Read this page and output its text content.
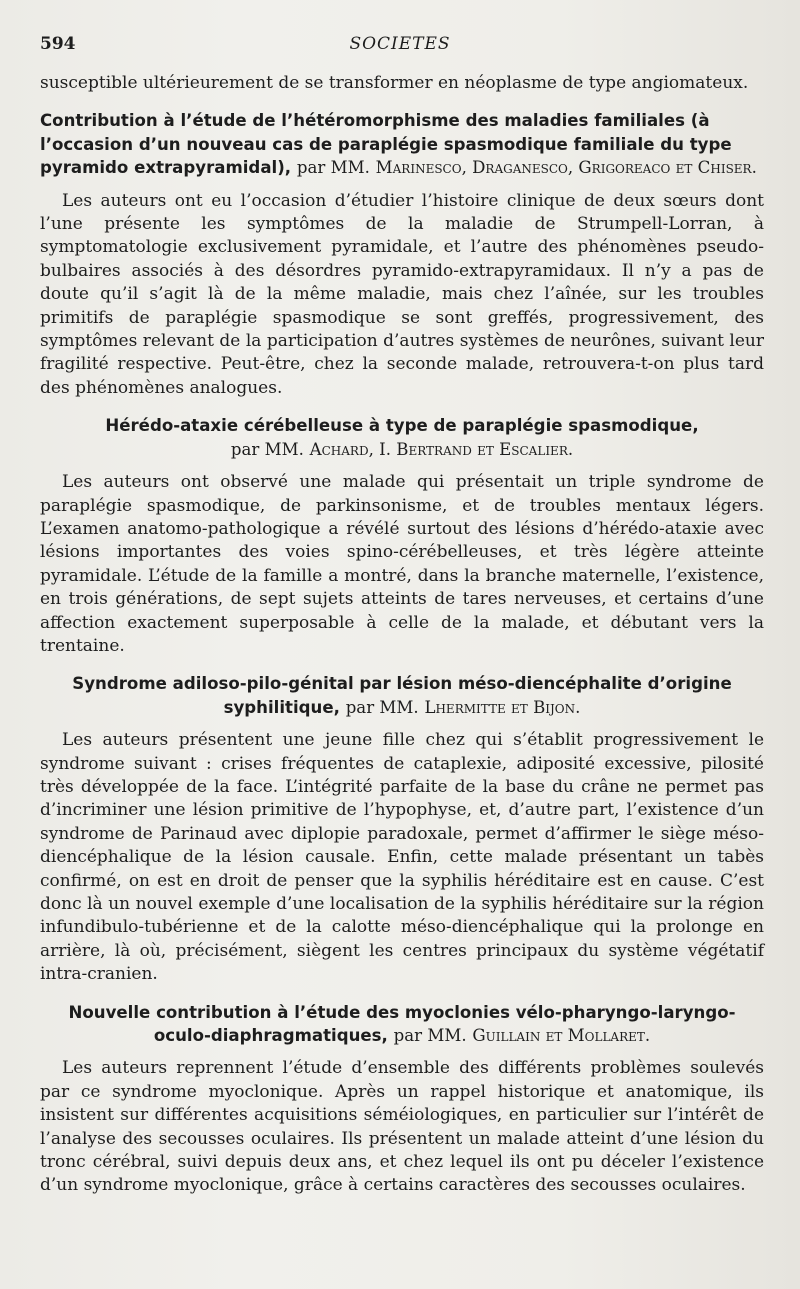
594	SOCIETES

susceptible ultérieurement de se transformer en néoplasme de type angiomateux.

Contribution à l’étude de l’hétéromorphisme des maladies familiales (à l’occasion d’un nouveau cas de paraplégie spasmodique familiale du type pyramido extrapyramidal), par MM. Marinesco, Draganesco, Grigoreaco et Chiser.

Les auteurs ont eu l’occasion d’étudier l’histoire clinique de deux sœurs dont l’une présente les symptômes de la maladie de Strumpell-Lorran, à symptomatologie exclusivement pyramidale, et l’autre des phénomènes pseudo-bulbaires associés à des désordres pyramido-extrapyramidaux. Il n’y a pas de doute qu’il s’agit là de la même maladie, mais chez l’aînée, sur les troubles primitifs de paraplégie spasmodique se sont greffés, progressivement, des symptômes relevant de la participation d’autres systèmes de neurônes, suivant leur fragilité respective. Peut-être, chez la seconde malade, retrouvera-t-on plus tard des phénomènes analogues.

Hérédo-ataxie cérébelleuse à type de paraplégie spasmodique,
par MM. Achard, I. Bertrand et Escalier.

Les auteurs ont observé une malade qui présentait un triple syndrome de paraplégie spasmodique, de parkinsonisme, et de troubles mentaux légers. L’examen anatomo-pathologique a révélé surtout des lésions d’hérédo-ataxie avec lésions importantes des voies spino-cérébelleuses, et très légère atteinte pyramidale. L’étude de la famille a montré, dans la branche maternelle, l’existence, en trois générations, de sept sujets atteints de tares nerveuses, et certains d’une affection exactement superposable à celle de la malade, et débutant vers la trentaine.

Syndrome adiloso-pilo-génital par lésion méso-diencéphalite d’origine syphilitique, par MM. Lhermitte et Bijon.

Les auteurs présentent une jeune fille chez qui s’établit progressivement le syndrome suivant : crises fréquentes de cataplexie, adiposité excessive, pilosité très développée de la face. L’intégrité parfaite de la base du crâne ne permet pas d’incriminer une lésion primitive de l’hypophyse, et, d’autre part, l’existence d’un syndrome de Parinaud avec diplopie paradoxale, permet d’affirmer le siège méso-diencéphalique de la lésion causale. Enfin, cette malade présentant un tabès confirmé, on est en droit de penser que la syphilis héréditaire est en cause. C’est donc là un nouvel exemple d’une localisation de la syphilis héréditaire sur la région infundibulo-tubérienne et de la calotte méso-diencéphalique qui la prolonge en arrière, là où, précisément, siègent les centres principaux du système végétatif intra-cranien.

Nouvelle contribution à l’étude des myoclonies vélo-pharyngo-laryngo-oculo-diaphragmatiques, par MM. Guillain et Mollaret.

Les auteurs reprennent l’étude d’ensemble des différents problèmes soulevés par ce syndrome myoclonique. Après un rappel historique et anatomique, ils insistent sur différentes acquisitions séméiologiques, en particulier sur l’intérêt de l’analyse des secousses oculaires. Ils présentent un malade atteint d’une lésion du tronc cérébral, suivi depuis deux ans, et chez lequel ils ont pu déceler l’existence d’un syndrome myoclonique, grâce à certains caractères des secousses oculaires.
